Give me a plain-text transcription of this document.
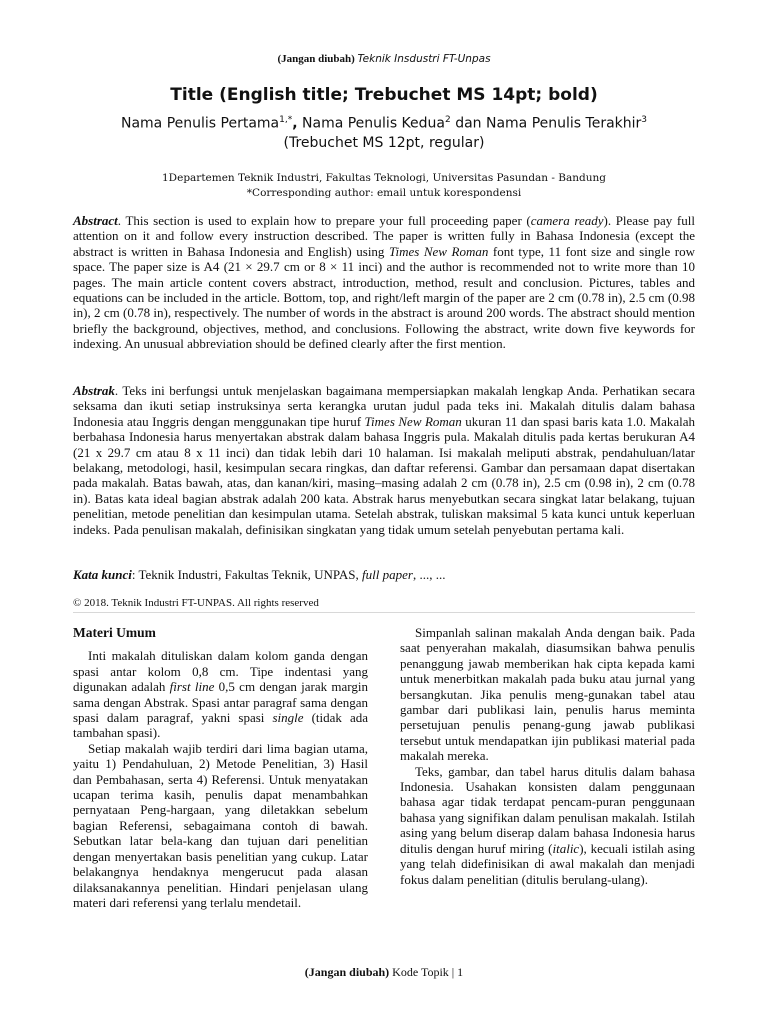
(Jangan diubah) Teknik Insdustri FT-Unpas
Title (English title; Trebuchet MS 14pt; bold)
Nama Penulis Pertama$^{1,*}$, Nama Penulis Kedua$^2$ dan Nama Penulis Terakhir$^3$
(Trebuchet MS 12pt, regular)
1Departemen Teknik Industri, Fakultas Teknologi, Universitas Pasundan - Bandung
*Corresponding author: email untuk korespondensi
Abstract. This section is used to explain how to prepare your full proceeding paper (camera ready). Please pay full attention on it and follow every instruction described. The paper is written fully in Bahasa Indonesia (except the abstract is written in Bahasa Indonesia and English) using Times New Roman font type, 11 font size and single row space. The paper size is A4 (21 × 29.7 cm or 8 × 11 inci) and the author is recommended not to write more than 10 pages. The main article content covers abstract, introduction, method, result and conclusion. Pictures, tables and equations can be included in the article. Bottom, top, and right/left margin of the paper are 2 cm (0.78 in), 2.5 cm (0.98 in), 2 cm (0.78 in), respectively. The number of words in the abstract is around 200 words. The abstract should mention briefly the background, objectives, method, and conclusions. Following the abstract, write down five keywords for indexing. An unusual abbreviation should be defined clearly after the first mention.
Abstrak. Teks ini berfungsi untuk menjelaskan bagaimana mempersiapkan makalah lengkap Anda. Perhatikan secara seksama dan ikuti setiap instruksinya serta kerangka urutan judul pada teks ini. Makalah ditulis dalam bahasa Indonesia atau Inggris dengan menggunakan tipe huruf Times New Roman ukuran 11 dan spasi baris kata 1.0. Makalah berbahasa Indonesia harus menyertakan abstrak dalam bahasa Inggris pula. Makalah ditulis pada kertas berukuran A4 (21 x 29.7 cm atau 8 x 11 inci) dan tidak lebih dari 10 halaman. Isi makalah meliputi abstrak, pendahuluan/latar belakang, metodologi, hasil, kesimpulan secara ringkas, dan daftar referensi. Gambar dan persamaan dapat disertakan pada makalah. Batas bawah, atas, dan kanan/kiri, masing–masing adalah 2 cm (0.78 in), 2.5 cm (0.98 in), 2 cm (0.78 in). Batas kata ideal bagian abstrak adalah 200 kata. Abstrak harus menyebutkan secara singkat latar belakang, tujuan penelitian, metode penelitian dan kesimpulan utama. Setelah abstrak, tuliskan maksimal 5 kata kunci untuk keperluan indeks. Pada penulisan makalah, definisikan singkatan yang tidak umum setelah penyebutan pertama kali.
Kata kunci: Teknik Industri, Fakultas Teknik, UNPAS, full paper, ..., ...
© 2018. Teknik Industri FT-UNPAS. All rights reserved
Materi Umum

Inti makalah dituliskan dalam kolom ganda dengan spasi antar kolom 0,8 cm. Tipe indentasi yang digunakan adalah first line 0,5 cm dengan jarak margin sama dengan Abstrak. Spasi antar paragraf sama dengan spasi dalam paragraf, yakni spasi single (tidak ada tambahan spasi).

Setiap makalah wajib terdiri dari lima bagian utama, yaitu 1) Pendahuluan, 2) Metode Penelitian, 3) Hasil dan Pembahasan, serta 4) Referensi. Untuk menyatakan ucapan terima kasih, penulis dapat menambahkan pernyataan Peng-hargaan, yang diletakkan sebelum bagian Referensi, sebagaimana contoh di bawah. Sebutkan latar bela-kang dan tujuan dari penelitian dengan menyertakan basis penelitian yang cukup. Latar belakangnya hendaknya mengerucut pada alasan dilaksanakannya penelitian. Hindari penjelasan ulang materi dari referensi yang terlalu mendetail.

Simpanlah salinan makalah Anda dengan baik. Pada saat penyerahan makalah, diasumsikan bahwa penulis penanggung jawab memberikan hak cipta kepada kami untuk menerbitkan makalah pada buku atau jurnal yang bersangkutan. Jika penulis meng-gunakan tabel atau gambar dari publikasi lain, penulis harus meminta persetujuan penulis penang-gung jawab publikasi tersebut untuk mendapatkan ijin publikasi material pada makalah mereka.

Teks, gambar, dan tabel harus ditulis dalam bahasa Indonesia. Usahakan konsisten dalam penggunaan bahasa agar tidak terdapat pencam-puran penggunaan bahasa yang signifikan dalam penulisan makalah. Istilah asing yang belum diserap dalam bahasa Indonesia harus ditulis dengan huruf miring (italic), kecuali istilah asing yang telah didefinisikan di awal makalah dan menjadi fokus dalam penelitian (ditulis berulang-ulang).

(Jangan diubah) Kode Topik | 1
